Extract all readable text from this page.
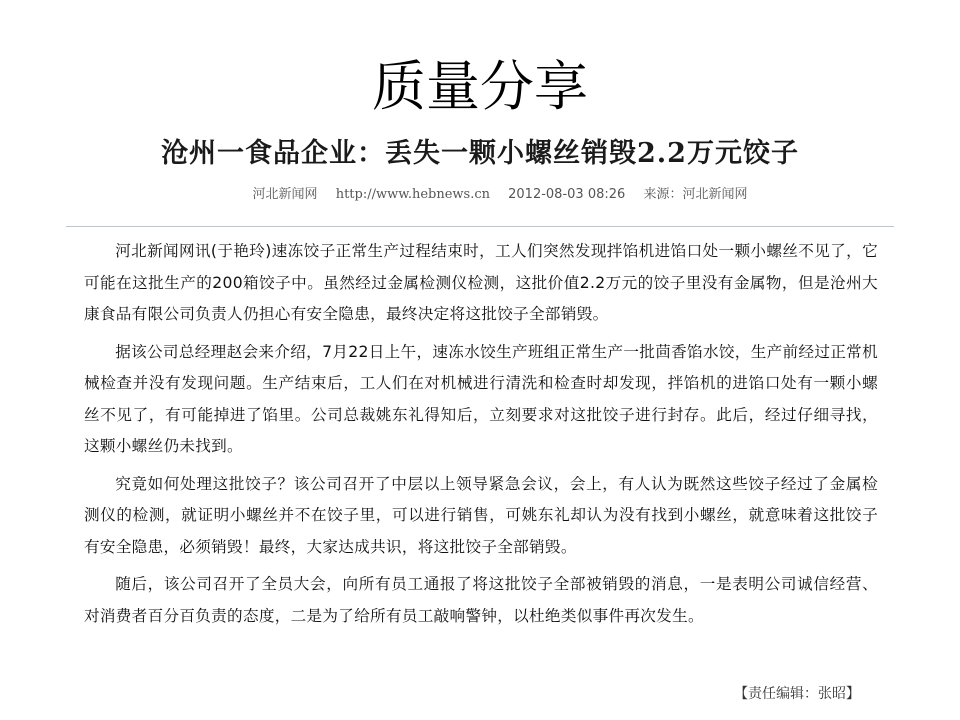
质量分享
沧州一食品企业：丢失一颗小螺丝销毁2.2万元饺子
河北新闻网 http://www.hebnews.cn 2012-08-03 08:26 来源：河北新闻网

河北新闻网讯(于艳玲)速冻饺子正常生产过程结束时，工人们突然发现拌馅机进馅口处一颗小螺丝不见了，它可能在这批生产的200箱饺子中。虽然经过金属检测仪检测，这批价值2.2万元的饺子里没有金属物，但是沧州大康食品有限公司负责人仍担心有安全隐患，最终决定将这批饺子全部销毁。

据该公司总经理赵会来介绍，7月22日上午，速冻水饺生产班组正常生产一批茴香馅水饺，生产前经过正常机械检查并没有发现问题。生产结束后，工人们在对机械进行清洗和检查时却发现，拌馅机的进馅口处有一颗小螺丝不见了，有可能掉进了馅里。公司总裁姚东礼得知后，立刻要求对这批饺子进行封存。此后，经过仔细寻找，这颗小螺丝仍未找到。

究竟如何处理这批饺子？该公司召开了中层以上领导紧急会议，会上，有人认为既然这些饺子经过了金属检测仪的检测，就证明小螺丝并不在饺子里，可以进行销售，可姚东礼却认为没有找到小螺丝，就意味着这批饺子有安全隐患，必须销毁！最终，大家达成共识，将这批饺子全部销毁。

随后，该公司召开了全员大会，向所有员工通报了将这批饺子全部被销毁的消息，一是表明公司诚信经营、对消费者百分百负责的态度，二是为了给所有员工敲响警钟，以杜绝类似事件再次发生。

【责任编辑：张昭】
